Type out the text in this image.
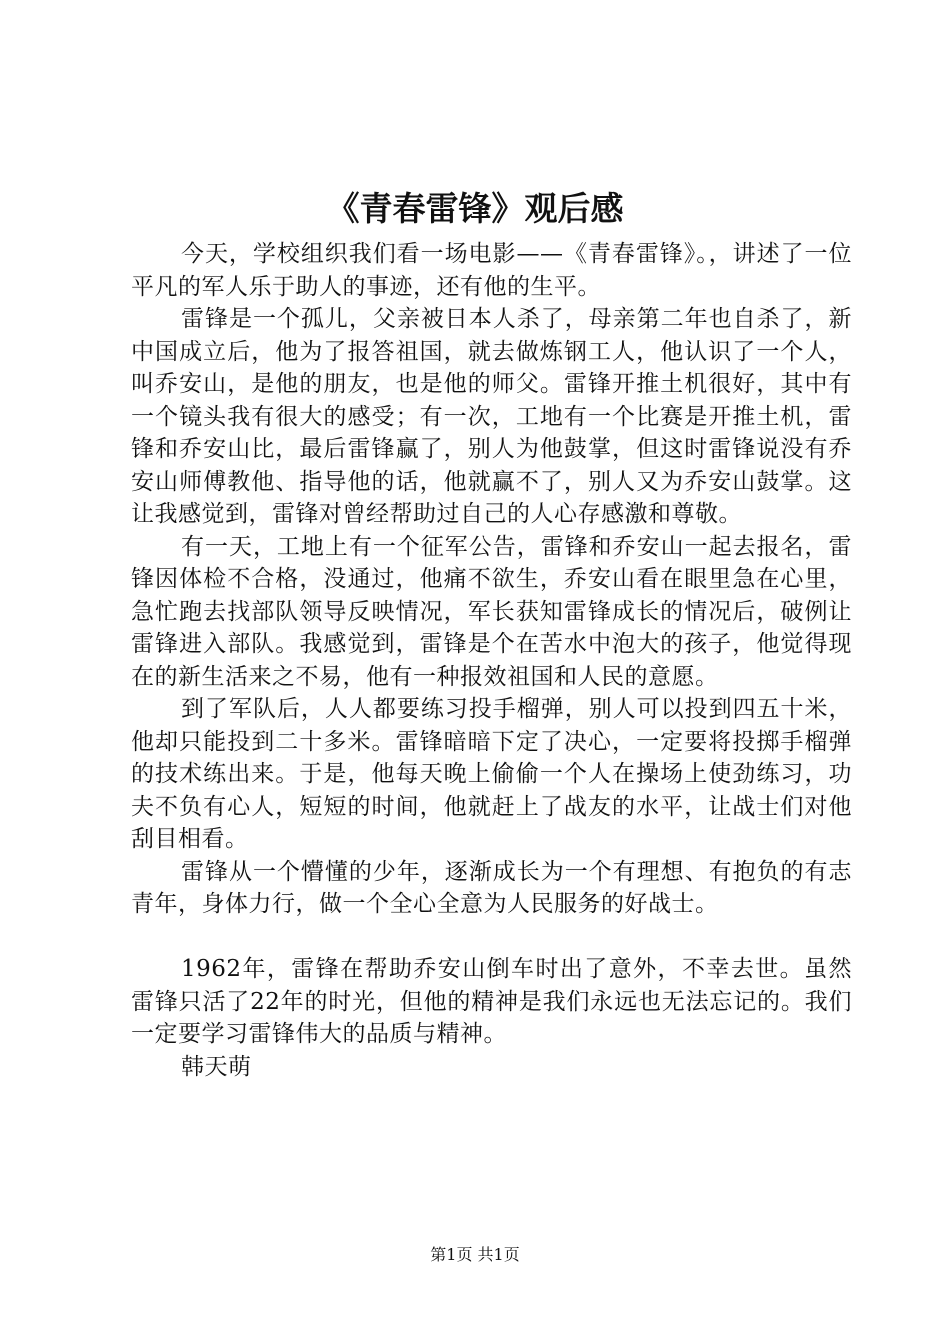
《青春雷锋》观后感

今天，学校组织我们看一场电影——《青春雷锋》。，讲述了一位平凡的军人乐于助人的事迹，还有他的生平。

雷锋是一个孤儿，父亲被日本人杀了，母亲第二年也自杀了，新中国成立后，他为了报答祖国，就去做炼钢工人，他认识了一个人，叫乔安山，是他的朋友，也是他的师父。雷锋开推土机很好，其中有一个镜头我有很大的感受；有一次，工地有一个比赛是开推土机，雷锋和乔安山比，最后雷锋赢了，别人为他鼓掌，但这时雷锋说没有乔安山师傅教他、指导他的话，他就赢不了，别人又为乔安山鼓掌。这让我感觉到，雷锋对曾经帮助过自己的人心存感激和尊敬。

有一天，工地上有一个征军公告，雷锋和乔安山一起去报名，雷锋因体检不合格，没通过，他痛不欲生，乔安山看在眼里急在心里，急忙跑去找部队领导反映情况，军长获知雷锋成长的情况后，破例让雷锋进入部队。我感觉到，雷锋是个在苦水中泡大的孩子，他觉得现在的新生活来之不易，他有一种报效祖国和人民的意愿。

到了军队后，人人都要练习投手榴弹，别人可以投到四五十米，他却只能投到二十多米。雷锋暗暗下定了决心，一定要将投掷手榴弹的技术练出来。于是，他每天晚上偷偷一个人在操场上使劲练习，功夫不负有心人，短短的时间，他就赶上了战友的水平，让战士们对他刮目相看。

雷锋从一个懵懂的少年，逐渐成长为一个有理想、有抱负的有志青年，身体力行，做一个全心全意为人民服务的好战士。

1962年，雷锋在帮助乔安山倒车时出了意外，不幸去世。虽然雷锋只活了22年的时光，但他的精神是我们永远也无法忘记的。我们一定要学习雷锋伟大的品质与精神。

韩天萌

第1页 共1页
